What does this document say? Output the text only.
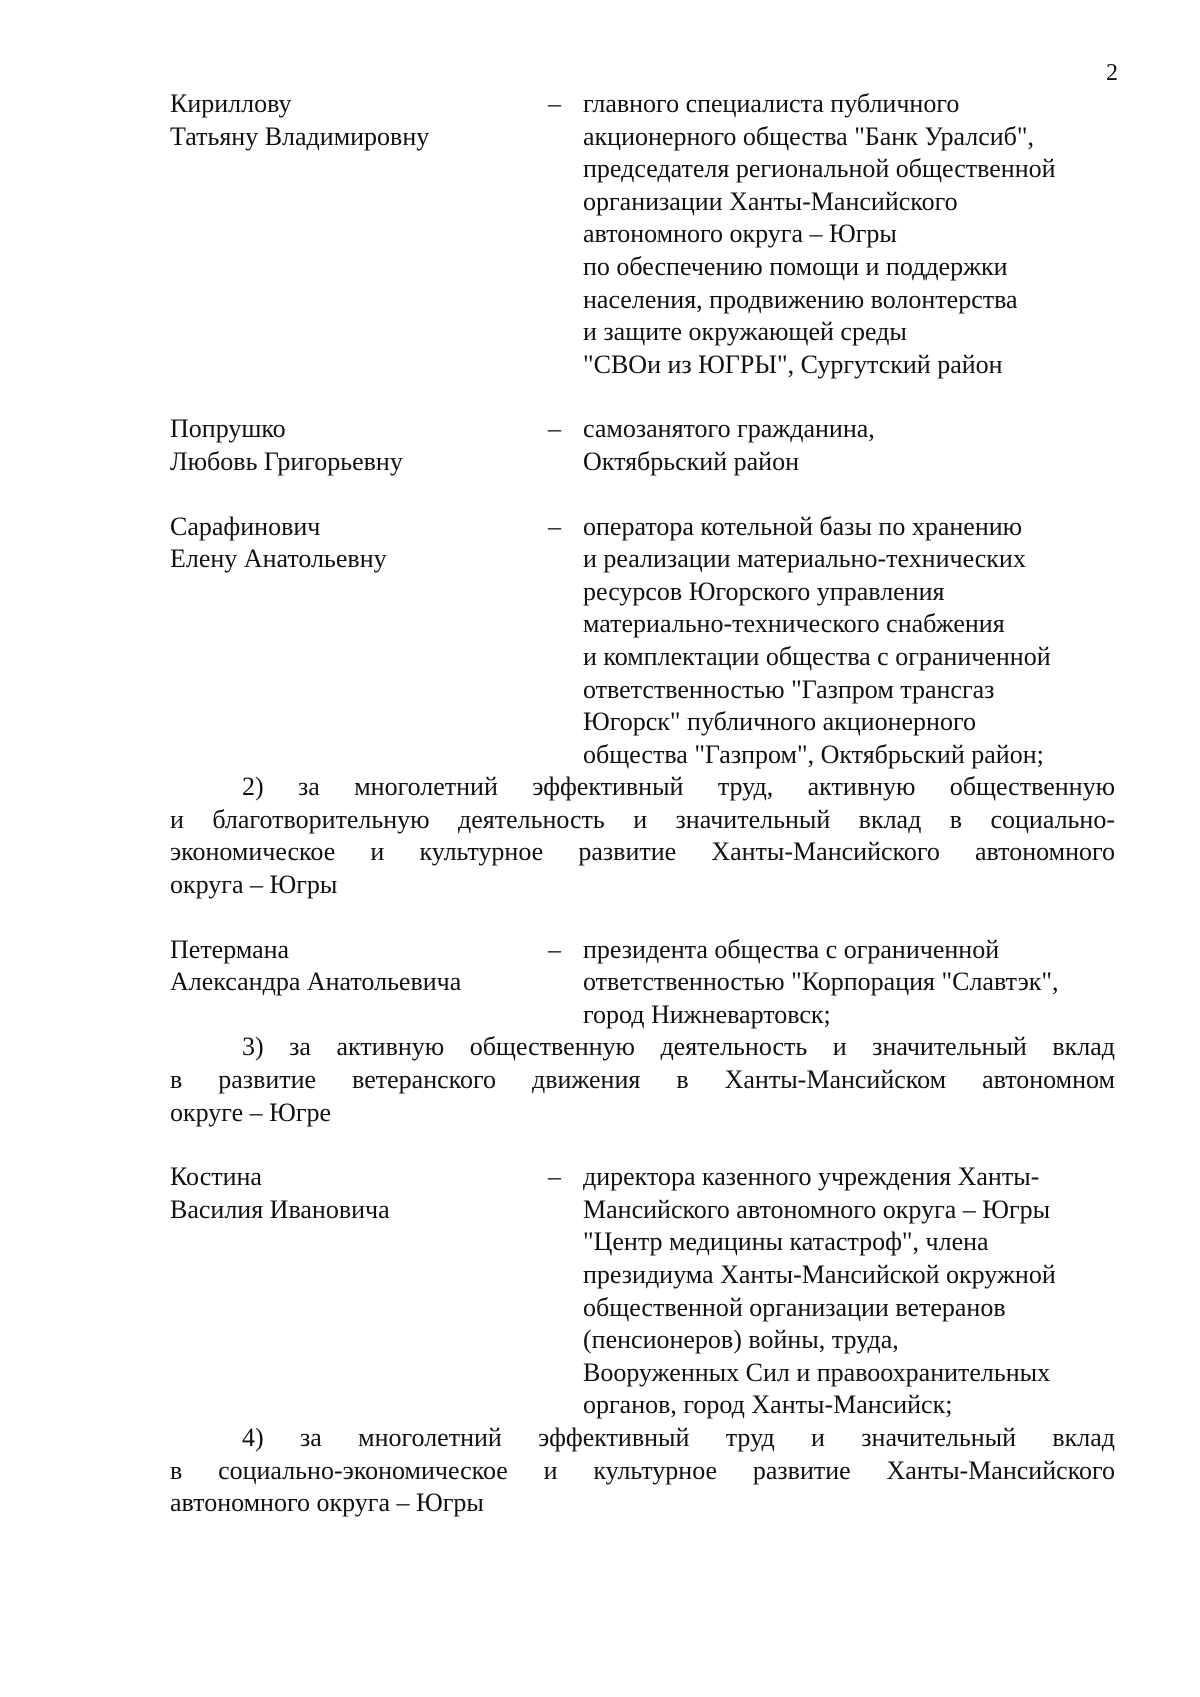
2
Кириллову
Татьяну Владимировну
– главного специалиста публичного
акционерного общества "Банк Уралсиб",
председателя региональной общественной
организации Ханты-Мансийского
автономного округа – Югры
по обеспечению помощи и поддержки
населения, продвижению волонтерства
и защите окружающей среды
"СВОи из ЮГРЫ", Сургутский район
Попрушко
Любовь Григорьевну
– самозанятого гражданина,
Октябрьский район
Сарафинович
Елену Анатольевну
– оператора котельной базы по хранению
и реализации материально-технических
ресурсов Югорского управления
материально-технического снабжения
и комплектации общества с ограниченной
ответственностью "Газпром трансгаз
Югорск" публичного акционерного
общества "Газпром", Октябрьский район;
2) за многолетний эффективный труд, активную общественную
и благотворительную деятельность и значительный вклад в социально-
экономическое и культурное развитие Ханты-Мансийского автономного
округа – Югры
Петермана
Александра Анатольевича
– президента общества с ограниченной
ответственностью "Корпорация "Славтэк",
город Нижневартовск;
3) за активную общественную деятельность и значительный вклад
в развитие ветеранского движения в Ханты-Мансийском автономном
округе – Югре
Костина
Василия Ивановича
– директора казенного учреждения Ханты-
Мансийского автономного округа – Югры
"Центр медицины катастроф", члена
президиума Ханты-Мансийской окружной
общественной организации ветеранов
(пенсионеров) войны, труда,
Вооруженных Сил и правоохранительных
органов, город Ханты-Мансийск;
4) за многолетний эффективный труд и значительный вклад
в социально-экономическое и культурное развитие Ханты-Мансийского
автономного округа – Югры
